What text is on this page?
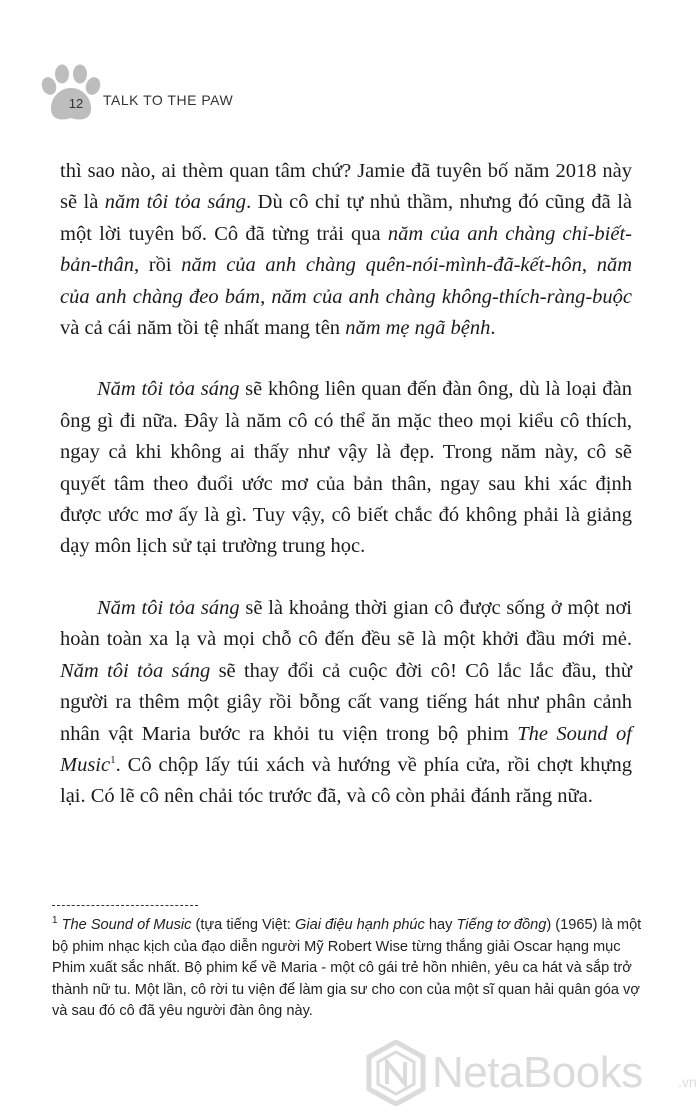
12	TALK TO THE PAW

thì sao nào, ai thèm quan tâm chứ? Jamie đã tuyên bố năm 2018 này sẽ là năm tôi tỏa sáng. Dù cô chỉ tự nhủ thầm, nhưng đó cũng đã là một lời tuyên bố. Cô đã từng trải qua năm của anh chàng chỉ-biết-bản-thân, rồi năm của anh chàng quên-nói-mình-đã-kết-hôn, năm của anh chàng đeo bám, năm của anh chàng không-thích-ràng-buộc và cả cái năm tồi tệ nhất mang tên năm mẹ ngã bệnh.

Năm tôi tỏa sáng sẽ không liên quan đến đàn ông, dù là loại đàn ông gì đi nữa. Đây là năm cô có thể ăn mặc theo mọi kiểu cô thích, ngay cả khi không ai thấy như vậy là đẹp. Trong năm này, cô sẽ quyết tâm theo đuổi ước mơ của bản thân, ngay sau khi xác định được ước mơ ấy là gì. Tuy vậy, cô biết chắc đó không phải là giảng dạy môn lịch sử tại trường trung học.

Năm tôi tỏa sáng sẽ là khoảng thời gian cô được sống ở một nơi hoàn toàn xa lạ và mọi chỗ cô đến đều sẽ là một khởi đầu mới mẻ. Năm tôi tỏa sáng sẽ thay đổi cả cuộc đời cô! Cô lắc lắc đầu, thừ người ra thêm một giây rồi bỗng cất vang tiếng hát như phân cảnh nhân vật Maria bước ra khỏi tu viện trong bộ phim The Sound of Music$^1$. Cô chộp lấy túi xách và hướng về phía cửa, rồi chợt khựng lại. Có lẽ cô nên chải tóc trước đã, và cô còn phải đánh răng nữa.

$^1$ The Sound of Music (tựa tiếng Việt: Giai điệu hạnh phúc hay Tiếng tơ đồng) (1965) là một bộ phim nhạc kịch của đạo diễn người Mỹ Robert Wise từng thắng giải Oscar hạng mục Phim xuất sắc nhất. Bộ phim kể về Maria - một cô gái trẻ hồn nhiên, yêu ca hát và sắp trở thành nữ tu. Một lần, cô rời tu viện để làm gia sư cho con của một sĩ quan hải quân góa vợ và sau đó cô đã yêu người đàn ông này.
NetaBooks	.vn
